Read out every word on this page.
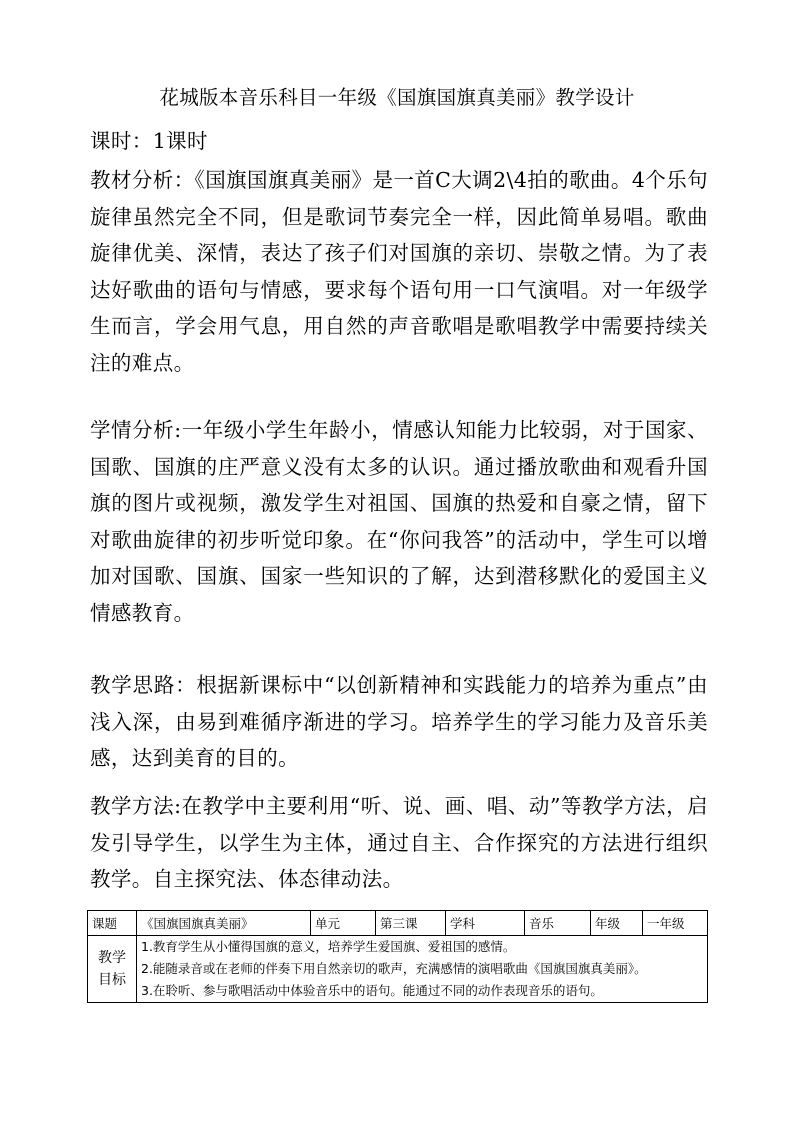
花城版本音乐科目一年级《国旗国旗真美丽》教学设计
课时：1课时
教材分析：《国旗国旗真美丽》是一首C大调2\4拍的歌曲。4个乐句旋律虽然完全不同，但是歌词节奏完全一样，因此简单易唱。歌曲旋律优美、深情，表达了孩子们对国旗的亲切、崇敬之情。为了表达好歌曲的语句与情感，要求每个语句用一口气演唱。对一年级学生而言，学会用气息，用自然的声音歌唱是歌唱教学中需要持续关注的难点。
学情分析:一年级小学生年龄小，情感认知能力比较弱，对于国家、国歌、国旗的庄严意义没有太多的认识。通过播放歌曲和观看升国旗的图片或视频，激发学生对祖国、国旗的热爱和自豪之情，留下对歌曲旋律的初步听觉印象。在“你问我答”的活动中，学生可以增加对国歌、国旗、国家一些知识的了解，达到潜移默化的爱国主义情感教育。
教学思路：根据新课标中“以创新精神和实践能力的培养为重点”由浅入深，由易到难循序渐进的学习。培养学生的学习能力及音乐美感，达到美育的目的。
教学方法:在教学中主要利用“听、说、画、唱、动”等教学方法，启发引导学生，以学生为主体，通过自主、合作探究的方法进行组织教学。自主探究法、体态律动法。
课题	《国旗国旗真美丽》	单元	第三课	学科	音乐	年级	一年级
教学目标	1.教育学生从小懂得国旗的意义，培养学生爱国旗、爱祖国的感情。
2.能随录音或在老师的伴奏下用自然亲切的歌声，充满感情的演唱歌曲《国旗国旗真美丽》。
3.在聆听、参与歌唱活动中体验音乐中的语句。能通过不同的动作表现音乐的语句。						
